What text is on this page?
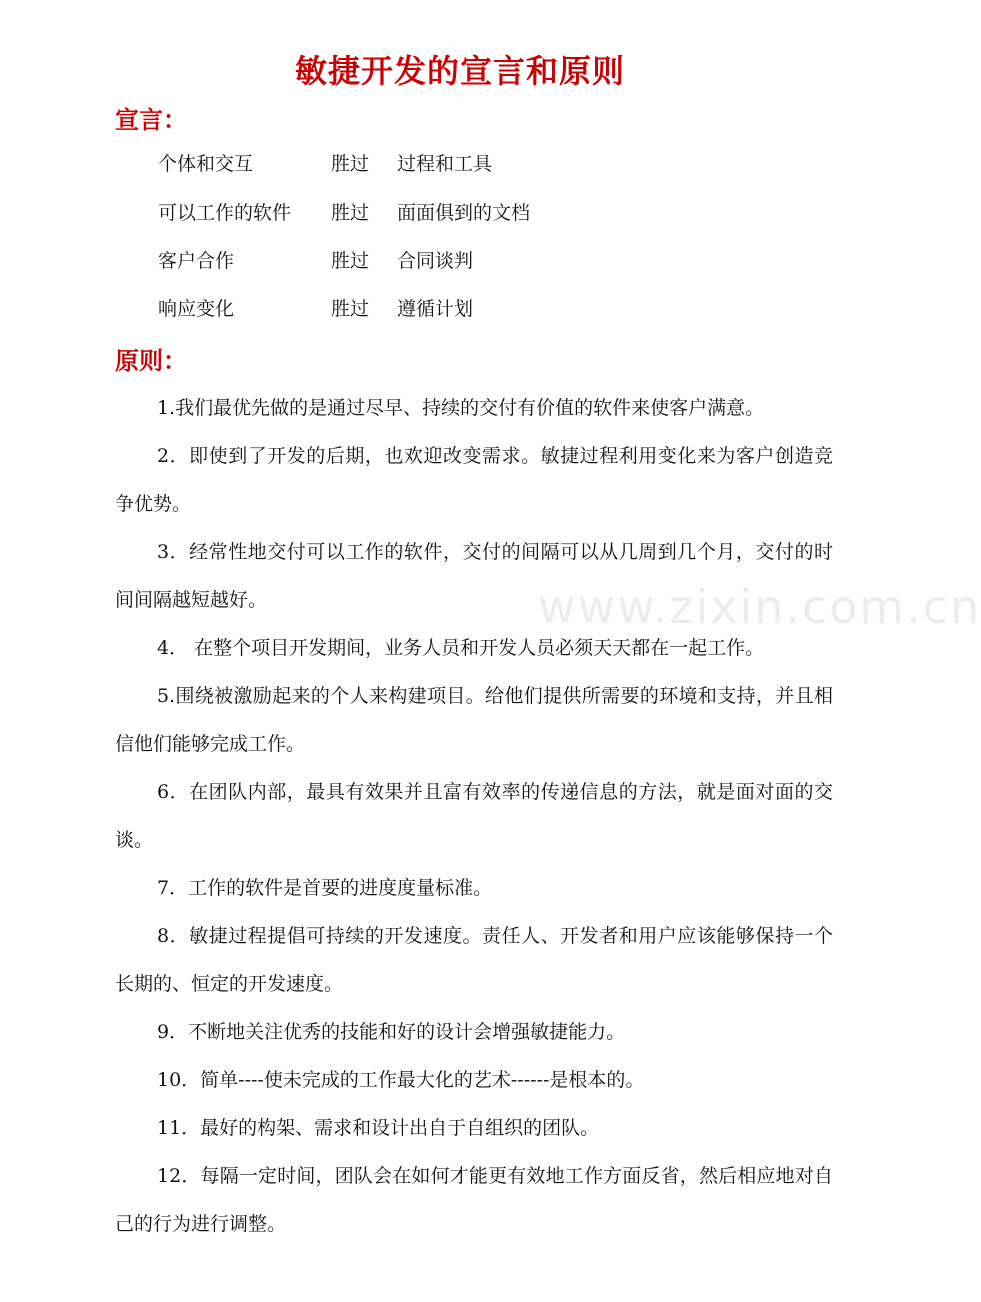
敏捷开发的宣言和原则
宣言：
个体和交互	胜过 过程和工具
可以工作的软件 胜过 面面俱到的文档
客户合作	胜过 合同谈判
响应变化	胜过 遵循计划
原则：

1.我们最优先做的是通过尽早、持续的交付有价值的软件来使客户满意。

2．即使到了开发的后期，也欢迎改变需求。敏捷过程利用变化来为客户创造竞争优势。

3．经常性地交付可以工作的软件，交付的间隔可以从几周到几个月，交付的时间间隔越短越好。

4． 在整个项目开发期间，业务人员和开发人员必须天天都在一起工作。

5.围绕被激励起来的个人来构建项目。给他们提供所需要的环境和支持，并且相信他们能够完成工作。

6．在团队内部，最具有效果并且富有效率的传递信息的方法，就是面对面的交谈。

7．工作的软件是首要的进度度量标准。

8．敏捷过程提倡可持续的开发速度。责任人、开发者和用户应该能够保持一个长期的、恒定的开发速度。

9．不断地关注优秀的技能和好的设计会增强敏捷能力。

10．简单----使未完成的工作最大化的艺术------是根本的。

11．最好的构架、需求和设计出自于自组织的团队。

12．每隔一定时间，团队会在如何才能更有效地工作方面反省，然后相应地对自己的行为进行调整。

www.zixin.com.cn
